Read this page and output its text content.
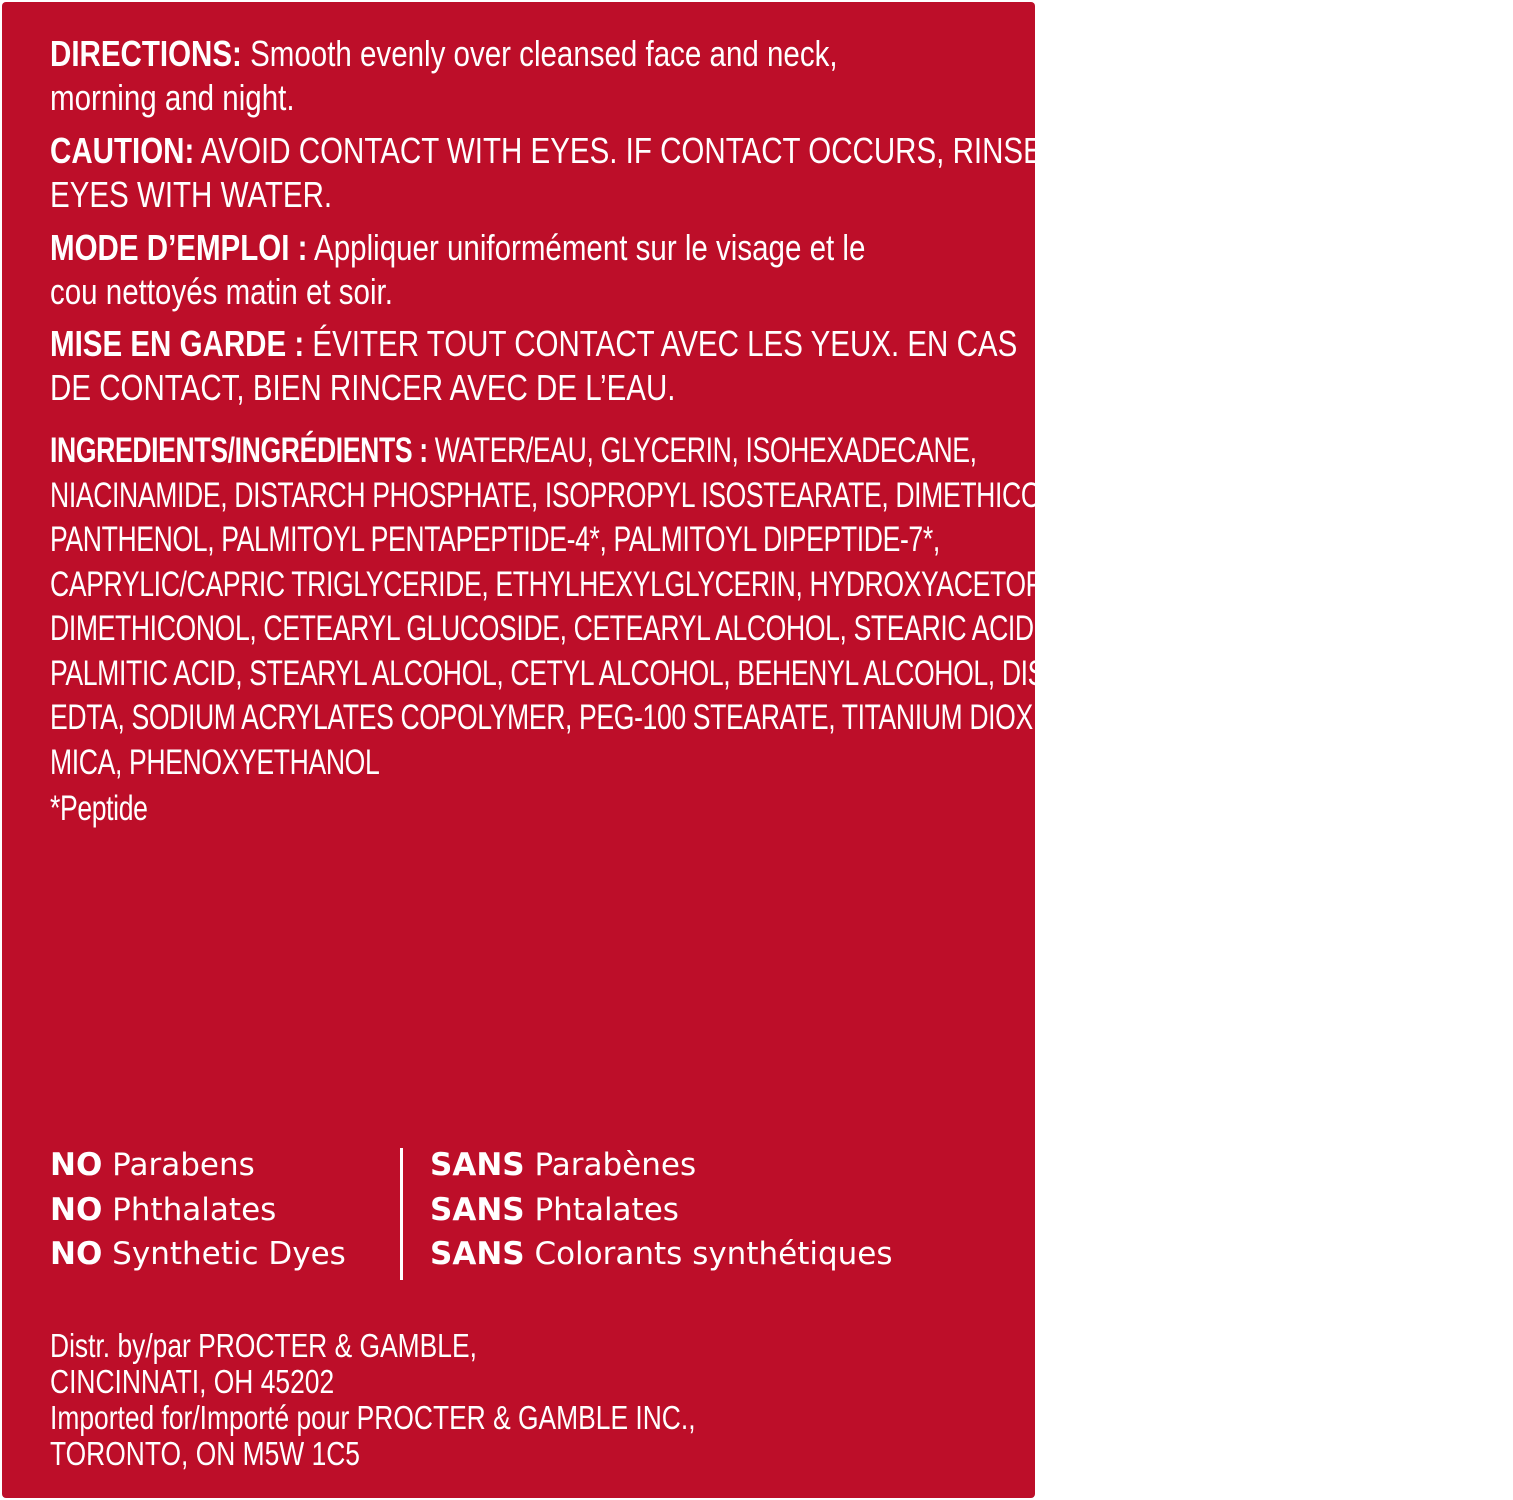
DIRECTIONS: Smooth evenly over cleansed face and neck,
morning and night.
CAUTION: AVOID CONTACT WITH EYES. IF CONTACT OCCURS, RINSE
EYES WITH WATER.
MODE D’EMPLOI : Appliquer uniformément sur le visage et le
cou nettoyés matin et soir.
MISE EN GARDE : ÉVITER TOUT CONTACT AVEC LES YEUX. EN CAS
DE CONTACT, BIEN RINCER AVEC DE L’EAU.
INGREDIENTS/INGRÉDIENTS : WATER/EAU, GLYCERIN, ISOHEXADECANE,
NIACINAMIDE, DISTARCH PHOSPHATE, ISOPROPYL ISOSTEARATE, DIMETHICONE,
PANTHENOL, PALMITOYL PENTAPEPTIDE-4*, PALMITOYL DIPEPTIDE-7*,
CAPRYLIC/CAPRIC TRIGLYCERIDE, ETHYLHEXYLGLYCERIN, HYDROXYACETOPHENONE,
DIMETHICONOL, CETEARYL GLUCOSIDE, CETEARYL ALCOHOL, STEARIC ACID,
PALMITIC ACID, STEARYL ALCOHOL, CETYL ALCOHOL, BEHENYL ALCOHOL, DISODIUM
EDTA, SODIUM ACRYLATES COPOLYMER, PEG-100 STEARATE, TITANIUM DIOXIDE,
MICA, PHENOXYETHANOL
*Peptide
NO Parabens
NO Phthalates
NO Synthetic Dyes
SANS Parabènes
SANS Phtalates
SANS Colorants synthétiques
Distr. by/par PROCTER & GAMBLE,
CINCINNATI, OH 45202
Imported for/Importé pour PROCTER & GAMBLE INC.,
TORONTO, ON M5W 1C5
